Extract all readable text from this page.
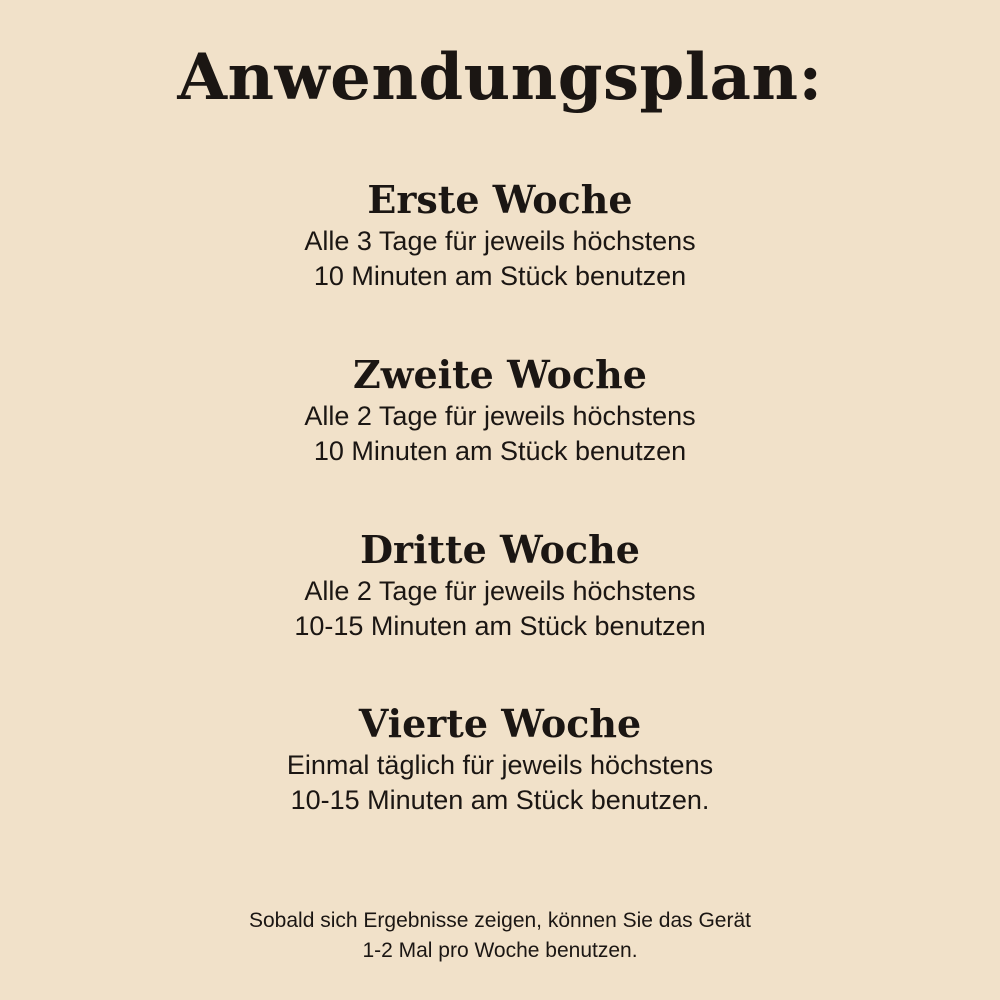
Anwendungsplan:
Erste Woche

Alle 3 Tage für jeweils höchstens

10 Minuten am Stück benutzen

Zweite Woche

Alle 2 Tage für jeweils höchstens

10 Minuten am Stück benutzen

Dritte Woche

Alle 2 Tage für jeweils höchstens

10-15 Minuten am Stück benutzen

Vierte Woche

Einmal täglich für jeweils höchstens

10-15 Minuten am Stück benutzen.

Sobald sich Ergebnisse zeigen, können Sie das Gerät

1-2 Mal pro Woche benutzen.
